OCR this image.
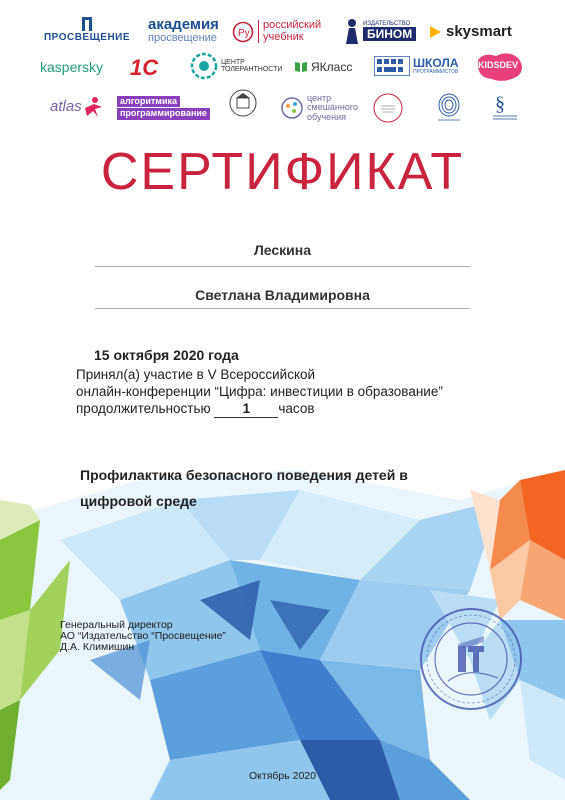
ПРОСВЕЩЕНИЕ
академия
просвещение Ру
российский
учебник
ИЗДАТЕЛЬСТВО
БИНОМ skysmart
kaspersky 1С	ЦЕНТР
ТОЛЕРАНТНОСТИ ЯКласс	ШКОЛА
ПРОГРАММИСТОВ
KIDSDEV
atlas	алгоритмика
программирование
центр
смешанного
обучения
§
СЕРТИФИКАТ
Лескина
Светлана Владимировна
15 октября 2020 года
Принял(а) участие в V Всероссийской
онлайн-конференции “Цифра: инвестиции в образование”
продолжительностью 1 часов
Профилактика безопасного поведения детей в цифровой среде
Генеральный директор
АО “Издательство “Просвещение”
Д.А. Климишин
Октябрь 2020
